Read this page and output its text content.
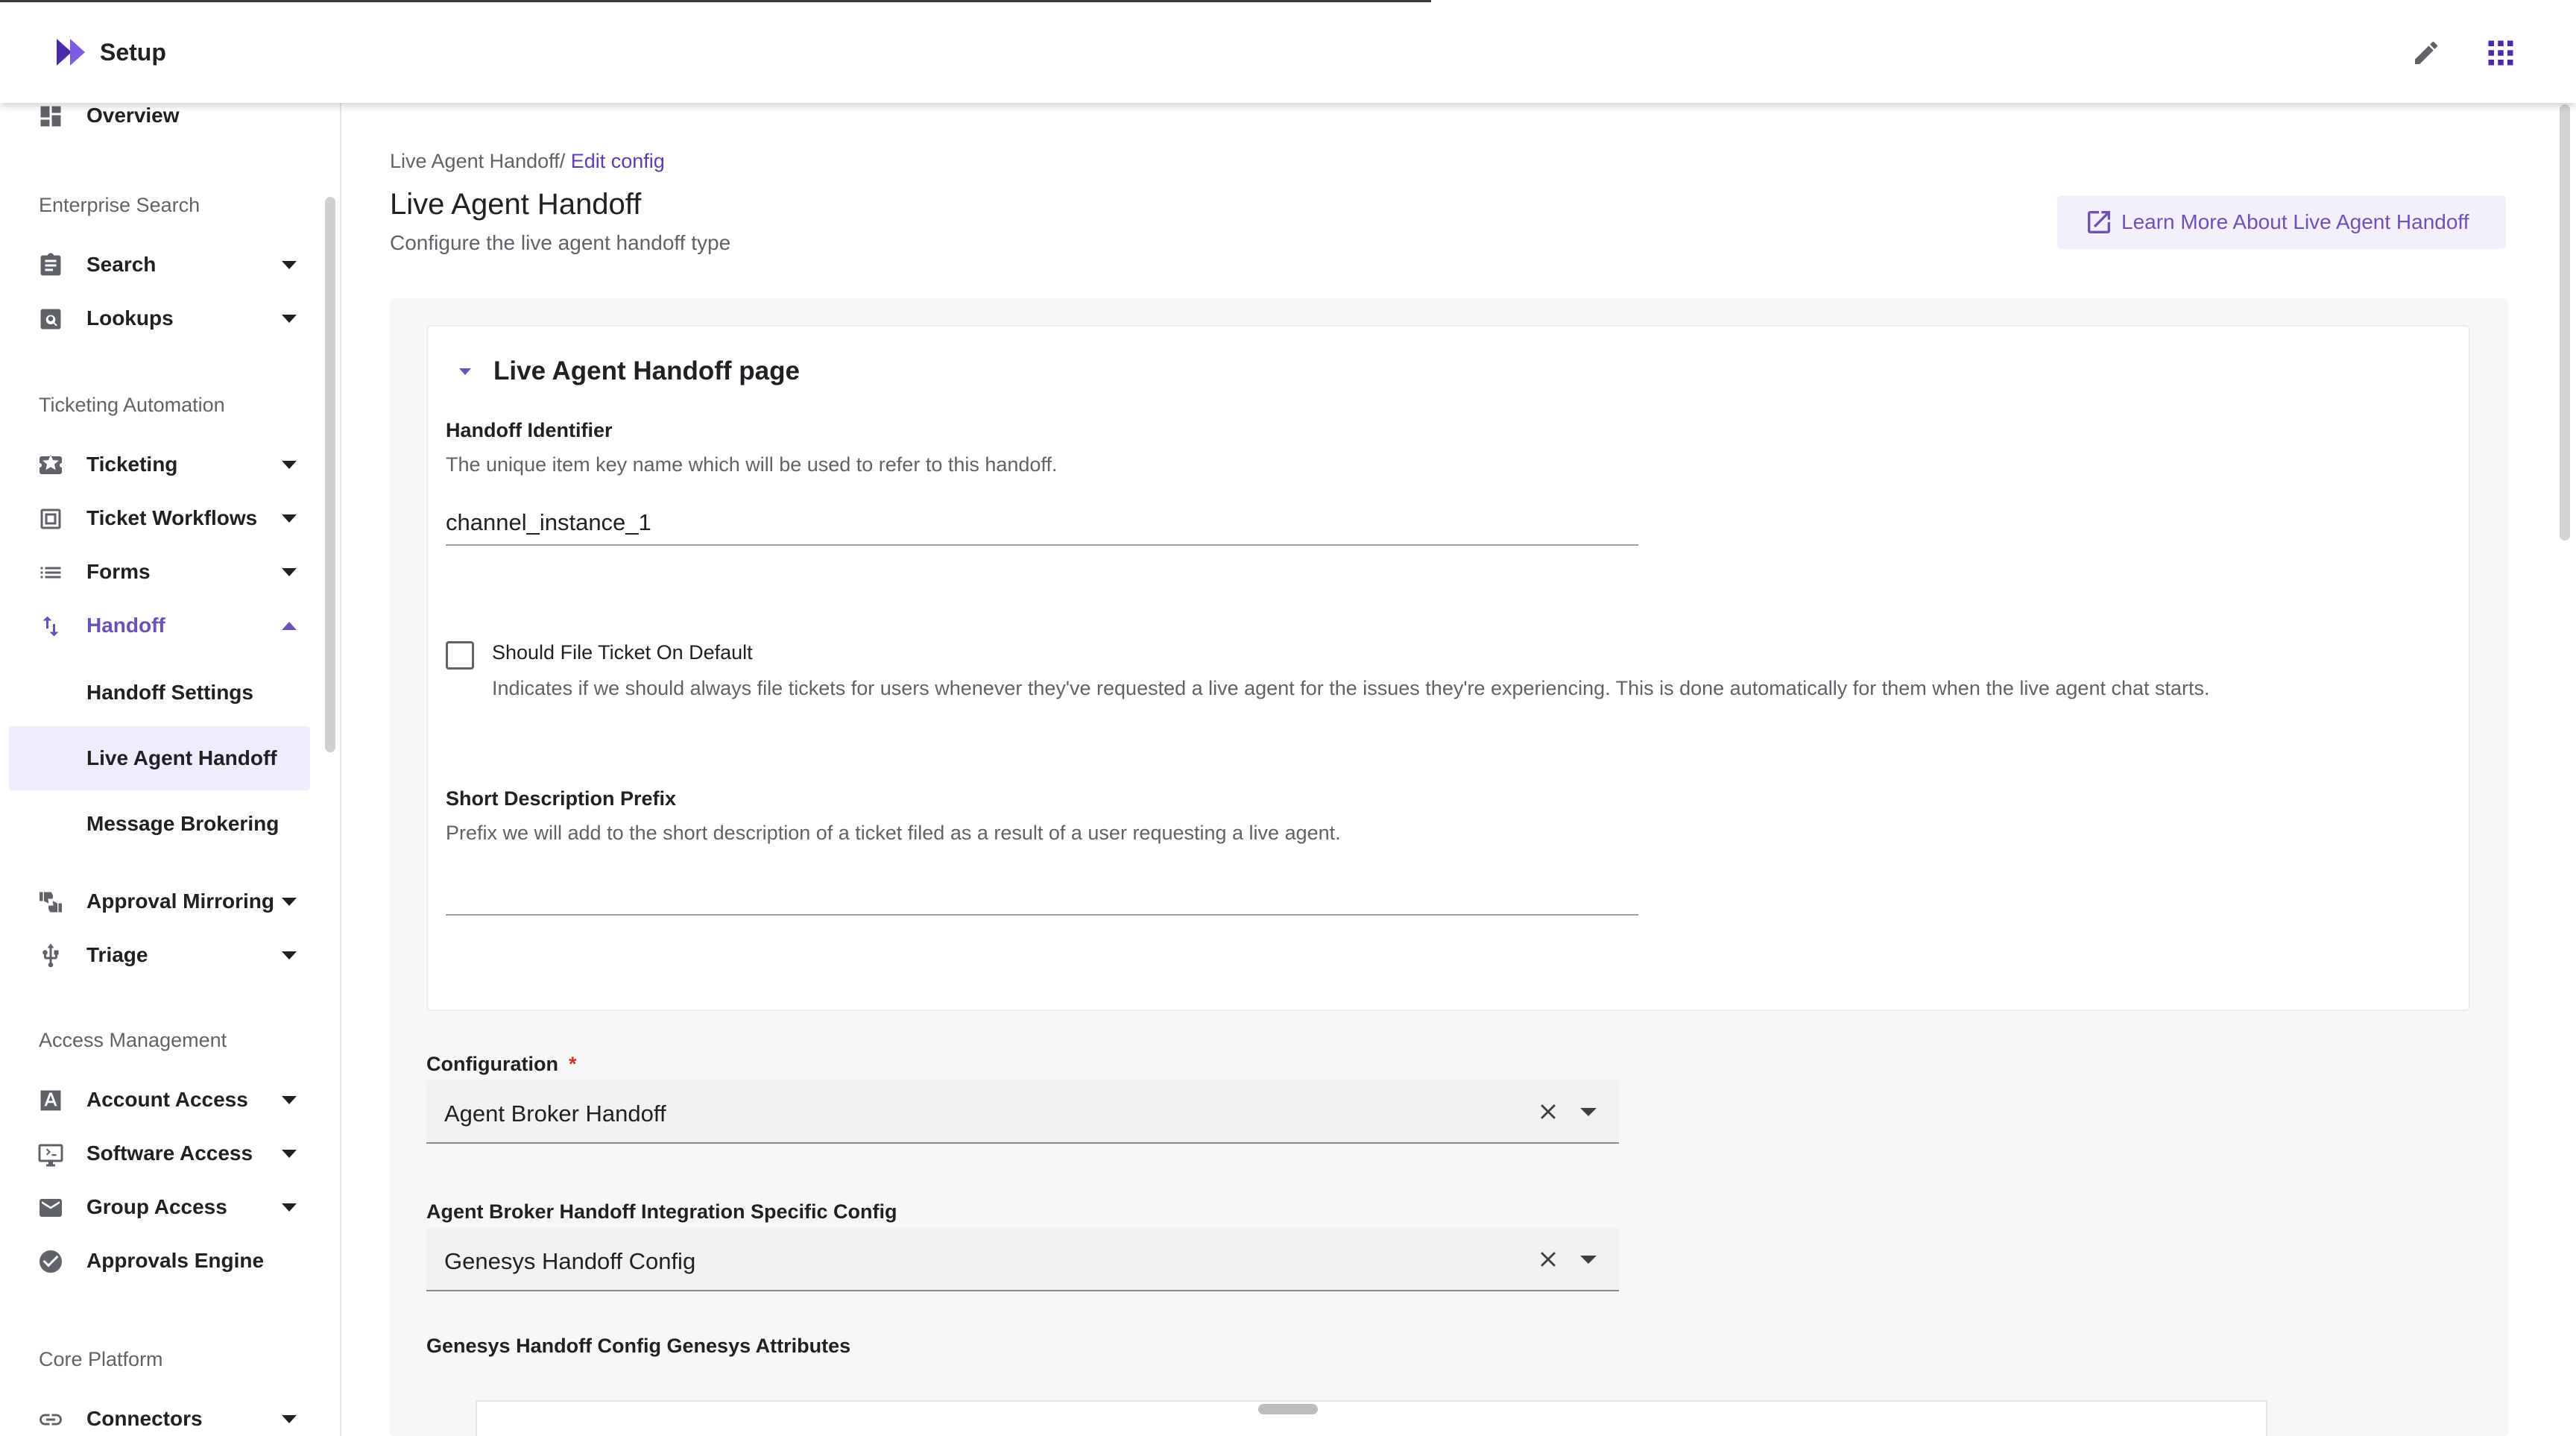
Setup
Overview
Enterprise Search
Search
Lookups
Ticketing Automation
Ticketing
Ticket Workflows
Forms
Handoff
Handoff Settings
Live Agent Handoff
Message Brokering
Approval Mirroring
Triage
Access Management
Account Access
Software Access
Group Access
Approvals Engine
Core Platform
Connectors
Live Agent Handoff/ Edit config
Live Agent Handoff
Configure the live agent handoff type
Learn More About Live Agent Handoff
Live Agent Handoff page
Handoff Identifier
The unique item key name which will be used to refer to this handoff.
channel_instance_1
Should File Ticket On Default
Indicates if we should always file tickets for users whenever they've requested a live agent for the issues they're experiencing. This is done automatically for them when the live agent chat starts.
Short Description Prefix
Prefix we will add to the short description of a ticket filed as a result of a user requesting a live agent.
Configuration *
Agent Broker Handoff
Agent Broker Handoff Integration Specific Config
Genesys Handoff Config
Genesys Handoff Config Genesys Attributes
